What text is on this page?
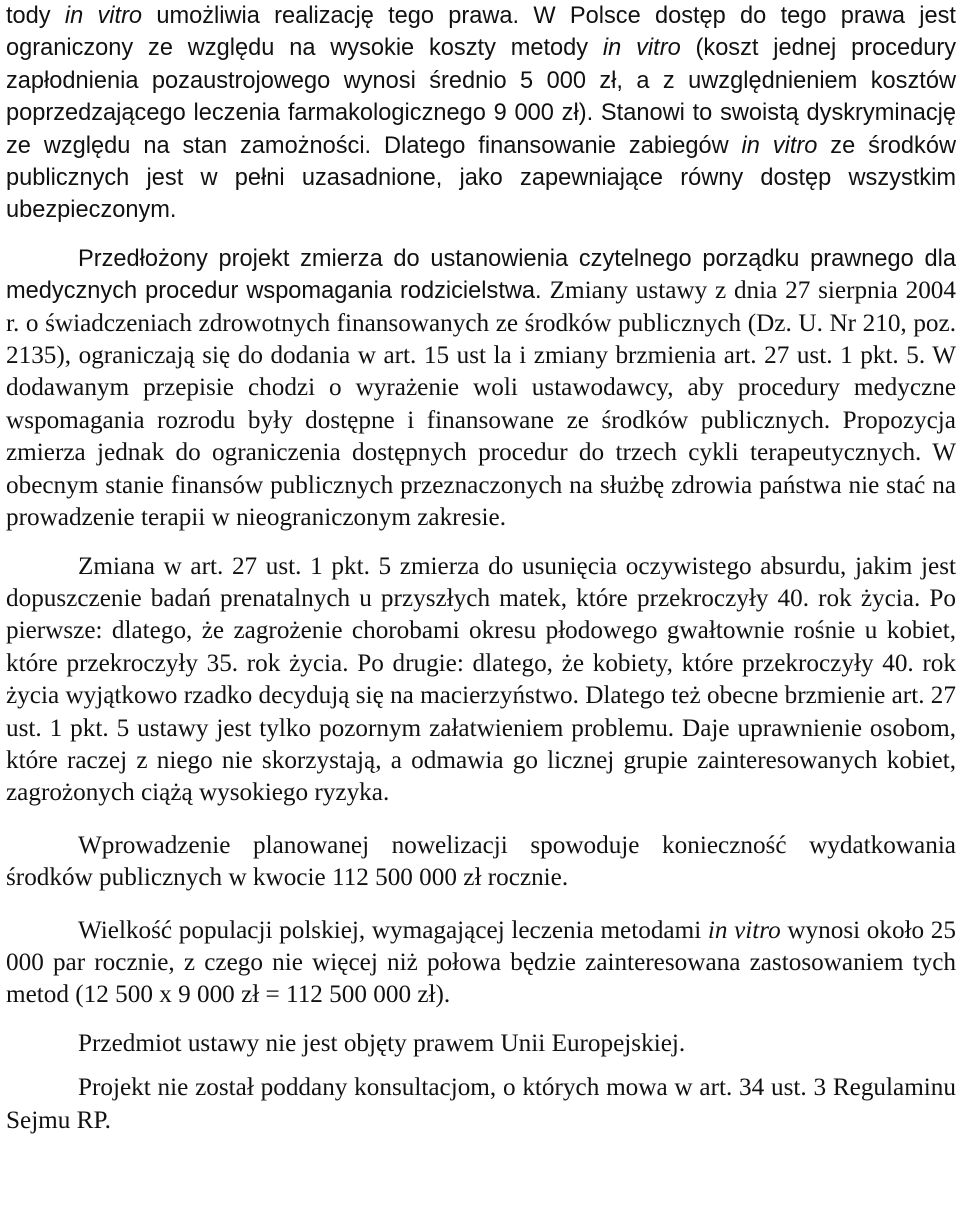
tody in vitro umożliwia realizację tego prawa. W Polsce dostęp do tego prawa jest ograniczony ze względu na wysokie koszty metody in vitro (koszt jednej procedury zapłodnienia pozaustrojowego wynosi średnio 5 000 zł, a z uwzględnieniem kosztów poprzedzającego leczenia farmakologicznego 9 000 zł). Stanowi to swoistą dyskryminację ze względu na stan zamożności. Dlatego finansowanie zabiegów in vitro ze środków publicznych jest w pełni uzasadnione, jako zapewniające równy dostęp wszystkim ubezpieczonym.

Przedłożony projekt zmierza do ustanowienia czytelnego porządku prawnego dla medycznych procedur wspomagania rodzicielstwa. Zmiany ustawy z dnia 27 sierpnia 2004 r. o świadczeniach zdrowotnych finansowanych ze środków publicznych (Dz. U. Nr 210, poz. 2135), ograniczają się do dodania w art. 15 ust la i zmiany brzmienia art. 27 ust. 1 pkt. 5. W dodawanym przepisie chodzi o wyrażenie woli ustawodawcy, aby procedury medyczne wspomagania rozrodu były dostępne i finansowane ze środków publicznych. Propozycja zmierza jednak do ograniczenia dostępnych procedur do trzech cykli terapeutycznych. W obecnym stanie finansów publicznych przeznaczonych na służbę zdrowia państwa nie stać na prowadzenie terapii w nieograniczonym zakresie.

Zmiana w art. 27 ust. 1 pkt. 5 zmierza do usunięcia oczywistego absurdu, jakim jest dopuszczenie badań prenatalnych u przyszłych matek, które przekroczyły 40. rok życia. Po pierwsze: dlatego, że zagrożenie chorobami okresu płodowego gwałtownie rośnie u kobiet, które przekroczyły 35. rok życia. Po drugie: dlatego, że kobiety, które przekroczyły 40. rok życia wyjątkowo rzadko decydują się na macierzyństwo. Dlatego też obecne brzmienie art. 27 ust. 1 pkt. 5 ustawy jest tylko pozornym załatwieniem problemu. Daje uprawnienie osobom, które raczej z niego nie skorzystają, a odmawia go licznej grupie zainteresowanych kobiet, zagrożonych ciążą wysokiego ryzyka.

Wprowadzenie planowanej nowelizacji spowoduje konieczność wydatkowania środków publicznych w kwocie 112 500 000 zł rocznie.

Wielkość populacji polskiej, wymagającej leczenia metodami in vitro wynosi około 25 000 par rocznie, z czego nie więcej niż połowa będzie zainteresowana zastosowaniem tych metod (12 500 x 9 000 zł = 112 500 000 zł).

Przedmiot ustawy nie jest objęty prawem Unii Europejskiej.

Projekt nie został poddany konsultacjom, o których mowa w art. 34 ust. 3 Regulaminu Sejmu RP.
